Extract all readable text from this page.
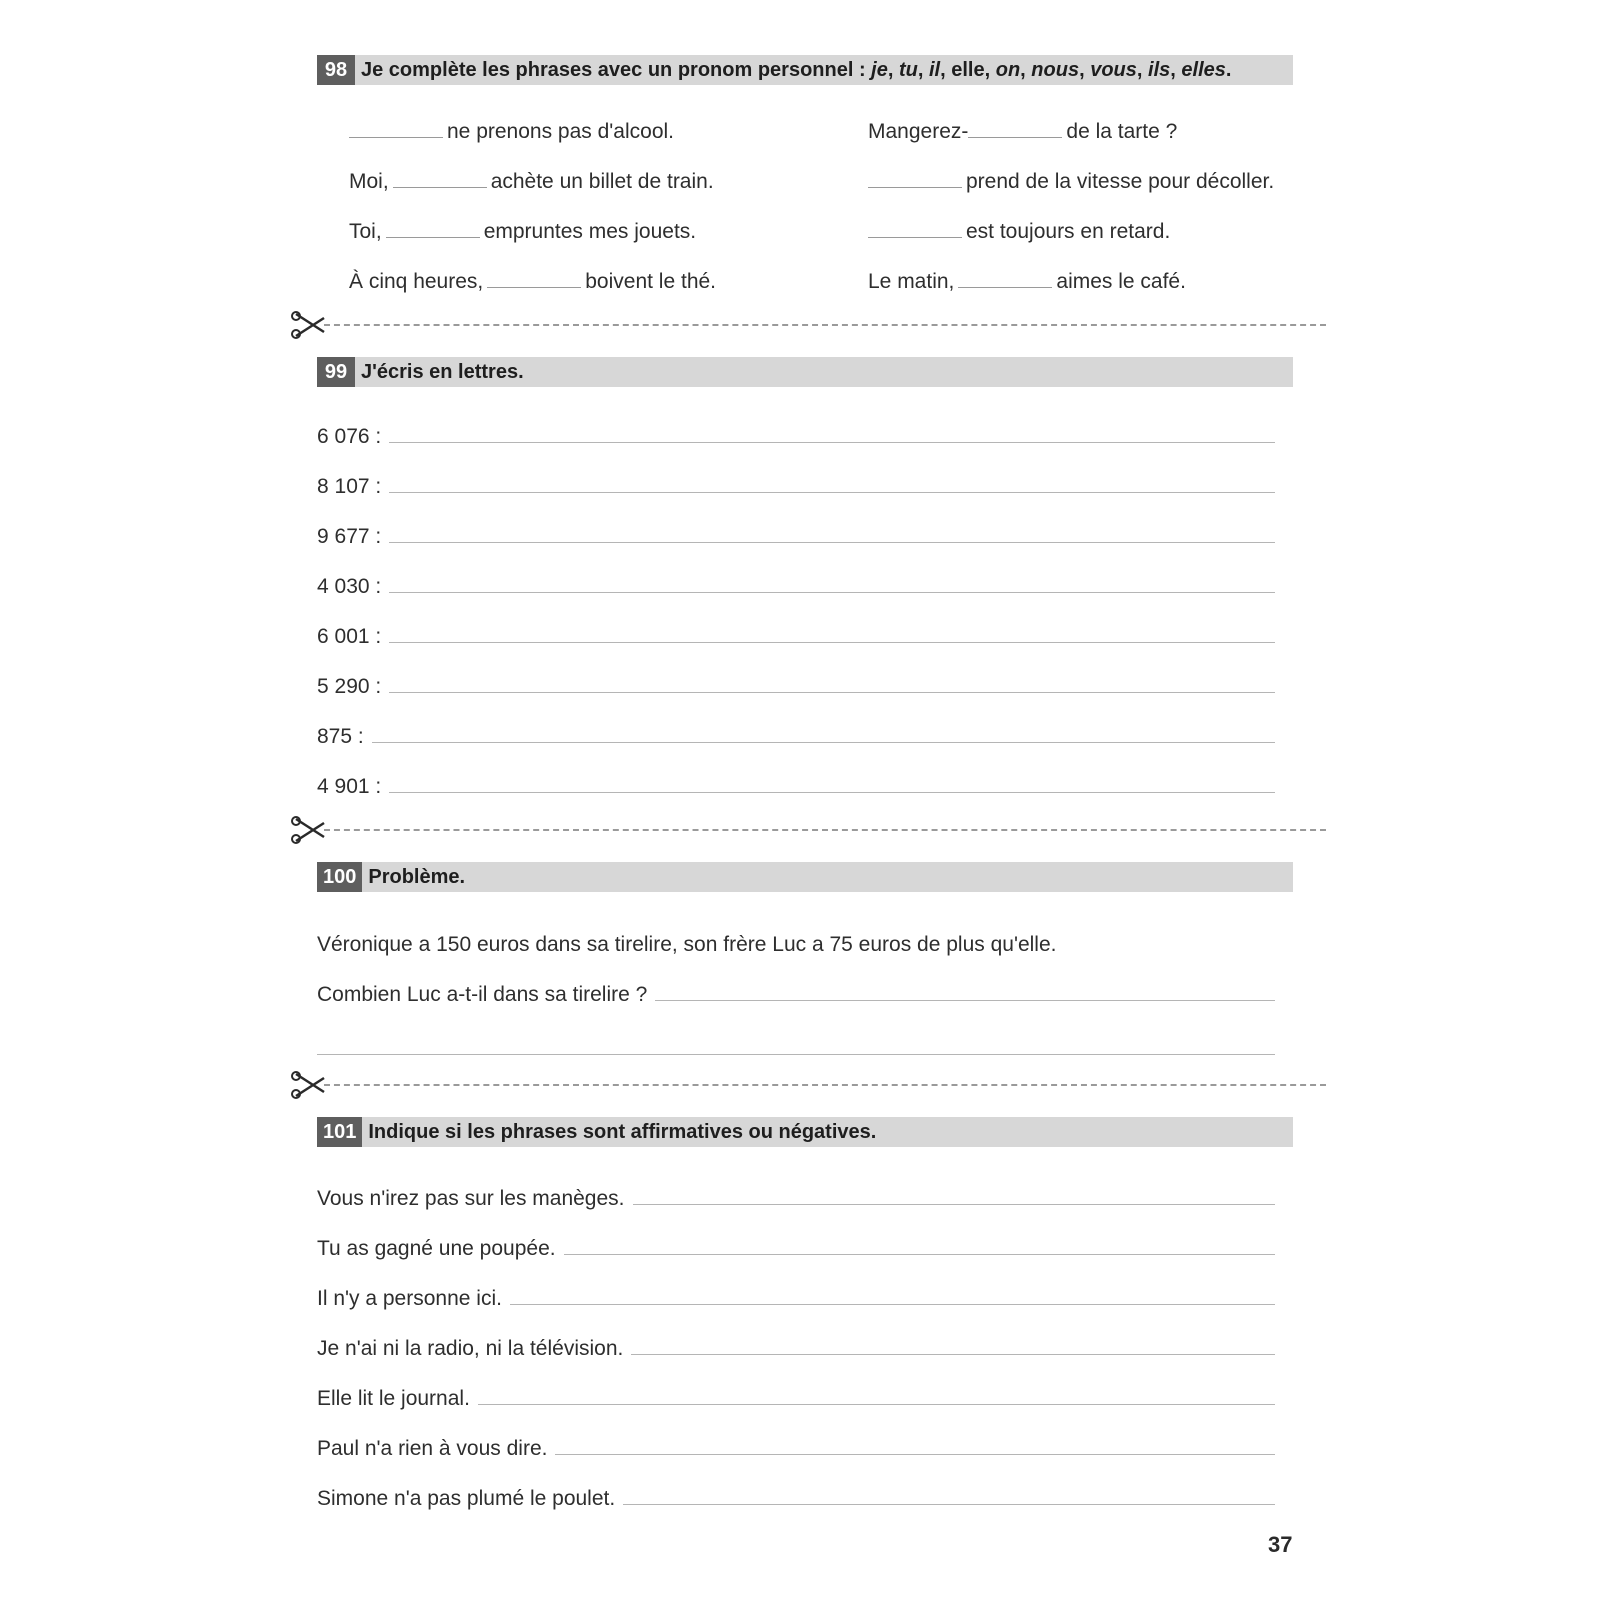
98 Je complète les phrases avec un pronom personnel : je, tu, il, elle, on, nous, vous, ils, elles.
ne prenons pas d'alcool.
Moi,	achète un billet de train.
Toi,	empruntes mes jouets.
À cinq heures,	boivent le thé.
Mangerez-	de la tarte ?
prend de la vitesse pour décoller.
est toujours en retard.
Le matin,	aimes le café.
99 J'écris en lettres.
6 076 :
8 107 :
9 677 :
4 030 :
6 001 :
5 290 :
875 :
4 901 :
100 Problème.
Véronique a 150 euros dans sa tirelire, son frère Luc a 75 euros de plus qu'elle.
Combien Luc a-t-il dans sa tirelire ?
101 Indique si les phrases sont affirmatives ou négatives.
Vous n'irez pas sur les manèges.
Tu as gagné une poupée.
Il n'y a personne ici.
Je n'ai ni la radio, ni la télévision.
Elle lit le journal.
Paul n'a rien à vous dire.
Simone n'a pas plumé le poulet.
37
